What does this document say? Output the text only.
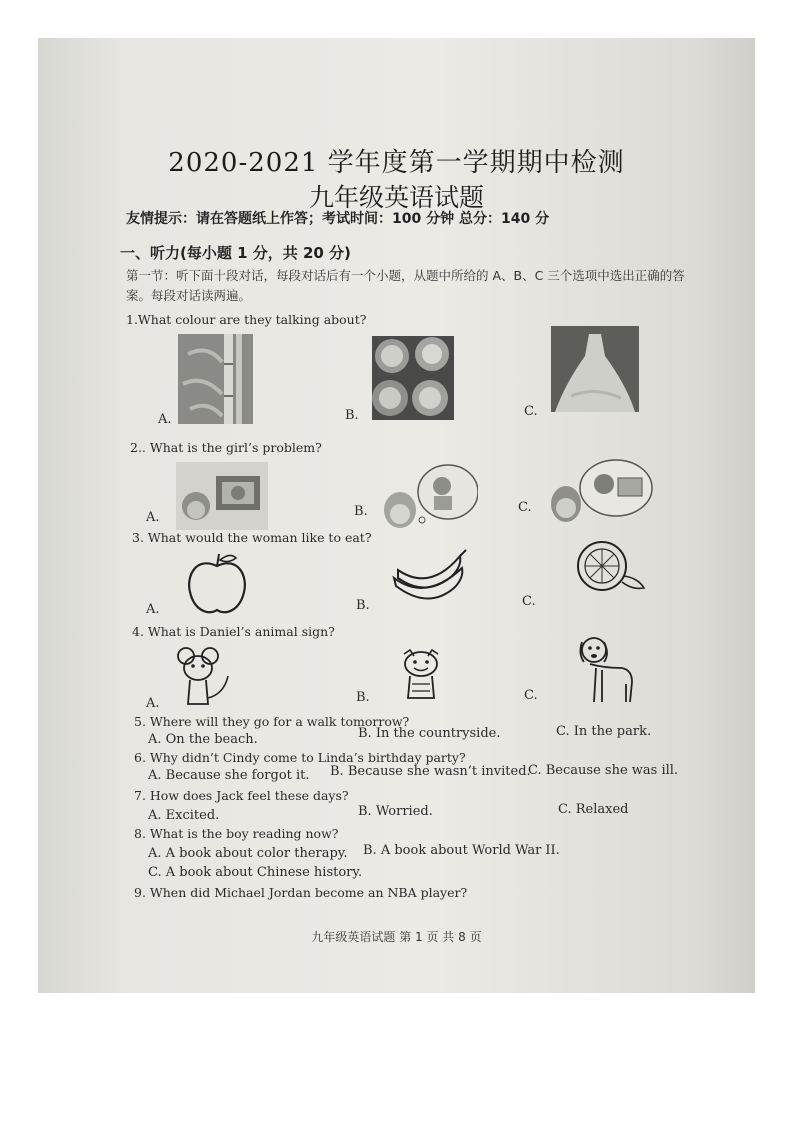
2020-2021 学年度第一学期期中检测
九年级英语试题
友情提示：请在答题纸上作答；考试时间：100 分钟 总分：140 分
一、听力(每小题 1 分，共 20 分)
第一节：听下面十段对话，每段对话后有一个小题，从题中所给的 A、B、C 三个选项中选出正确的答案。每段对话读两遍。
1.What colour are they talking about?
A.	B.	C.
2.. What is the girl’s problem?
A.	B.	C.
3. What would the woman like to eat?
A.	B.	C.
4. What is Daniel’s animal sign?
A.	B.	C.
5. Where will they go for a walk tomorrow?
A. On the beach.	B. In the countryside.	C. In the park.
6. Why didn’t Cindy come to Linda’s birthday party?
A. Because she forgot it. B. Because she wasn’t invited.
C. Because she was ill.
7. How does Jack feel these days?
A. Excited.	B. Worried.	C. Relaxed
8. What is the boy reading now?
A. A book about color therapy. B. A book about World War II.
C. A book about Chinese history.
9. When did Michael Jordan become an NBA player?
九年级英语试题 第 1 页 共 8 页
